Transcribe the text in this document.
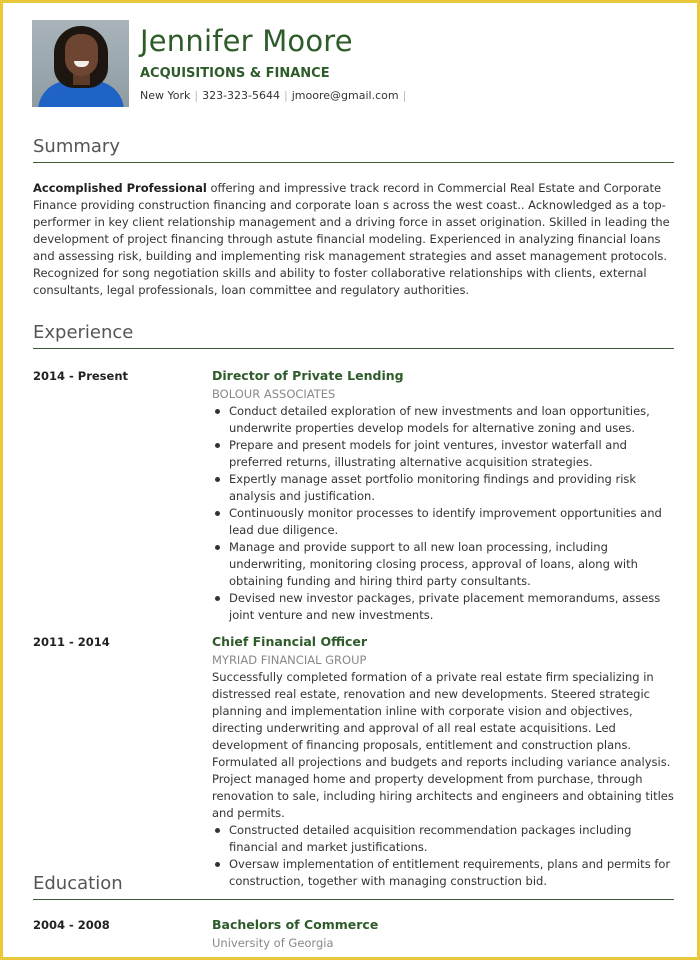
Jennifer Moore
ACQUISITIONS & FINANCE
New York | 323-323-5644 | jmoore@gmail.com |
Summary
Accomplished Professional offering and impressive track record in Commercial Real Estate and Corporate Finance providing construction financing and corporate loan s across the west coast.. Acknowledged as a top-performer in key client relationship management and a driving force in asset origination. Skilled in leading the development of project financing through astute financial modeling. Experienced in analyzing financial loans and assessing risk, building and implementing risk management strategies and asset management protocols. Recognized for song negotiation skills and ability to foster collaborative relationships with clients, external consultants, legal professionals, loan committee and regulatory authorities.
Experience
2014 - Present	Director of Private Lending
BOLOUR ASSOCIATES
Conduct detailed exploration of new investments and loan opportunities, underwrite properties develop models for alternative zoning and uses.
Prepare and present models for joint ventures, investor waterfall and preferred returns, illustrating alternative acquisition strategies.
Expertly manage asset portfolio monitoring findings and providing risk analysis and justification.
Continuously monitor processes to identify improvement opportunities and lead due diligence.
Manage and provide support to all new loan processing, including underwriting, monitoring closing process, approval of loans, along with obtaining funding and hiring third party consultants.
Devised new investor packages, private placement memorandums, assess joint venture and new investments.
2011 - 2014	Chief Financial Officer
MYRIAD FINANCIAL GROUP
Successfully completed formation of a private real estate firm specializing in distressed real estate, renovation and new developments. Steered strategic planning and implementation inline with corporate vision and objectives, directing underwriting and approval of all real estate acquisitions. Led development of financing proposals, entitlement and construction plans. Formulated all projections and budgets and reports including variance analysis. Project managed home and property development from purchase, through renovation to sale, including hiring architects and engineers and obtaining titles and permits.
Constructed detailed acquisition recommendation packages including financial and market justifications.
Oversaw implementation of entitlement requirements, plans and permits for construction, together with managing construction bid.
Education
2004 - 2008	Bachelors of Commerce
University of Georgia
